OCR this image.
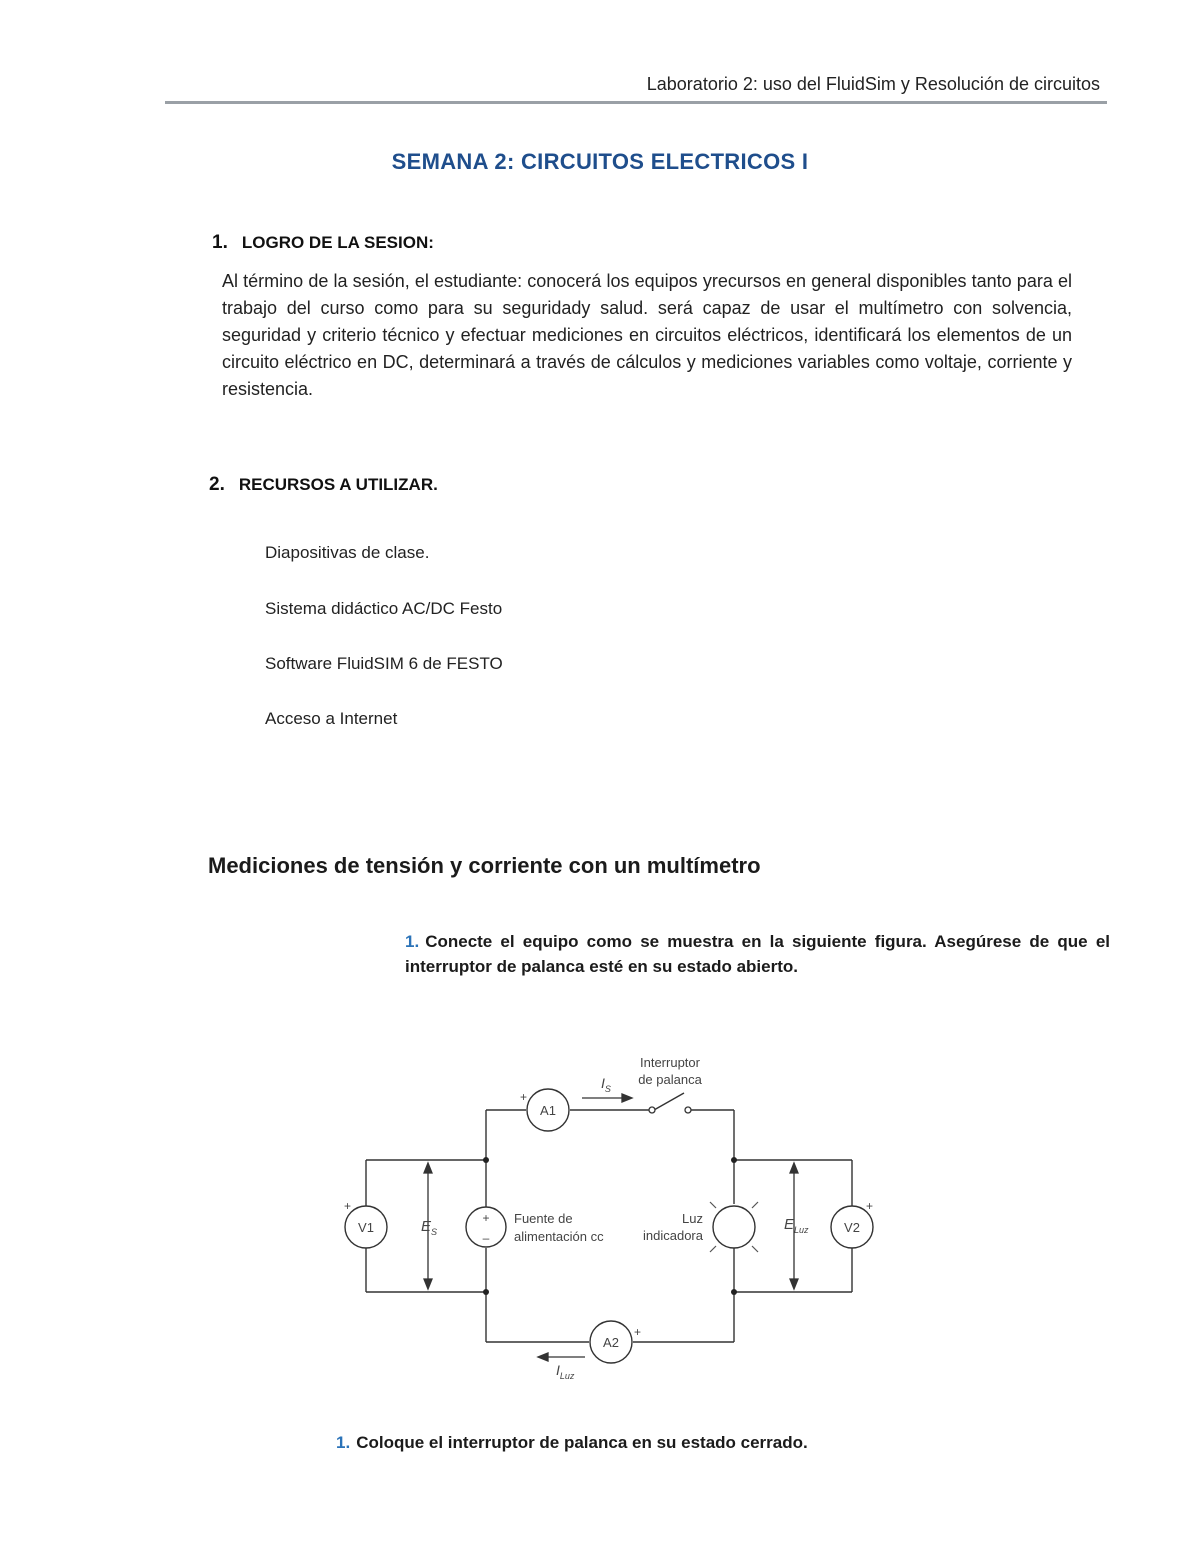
Laboratorio 2: uso del FluidSim y Resolución de circuitos
SEMANA 2: CIRCUITOS ELECTRICOS I
1. LOGRO DE LA SESION:
Al término de la sesión, el estudiante: conocerá los equipos yrecursos en general disponibles tanto para el trabajo del curso como para su seguridady salud. será capaz de usar el multímetro con solvencia, seguridad y criterio técnico y efectuar mediciones en circuitos eléctricos, identificará los elementos de un circuito eléctrico en DC, determinará a través de cálculos y mediciones variables como voltaje, corriente y resistencia.
2. RECURSOS A UTILIZAR.
Diapositivas de clase.
Sistema didáctico AC/DC Festo
Software FluidSIM 6 de FESTO
Acceso a Internet
Mediciones de tensión y corriente con un multímetro
1. Conecte el equipo como se muestra en la siguiente figura. Asegúrese de que el interruptor de palanca esté en su estado abierto.
A1
A2
V1	V2
+
+
+	+
+
–
Interruptor
de palanca
Fuente de
alimentación cc
Luz
indicadora
$I_S$
$I_{Luz}$
$E_S$	$E_{Luz}$
1. Coloque el interruptor de palanca en su estado cerrado.
